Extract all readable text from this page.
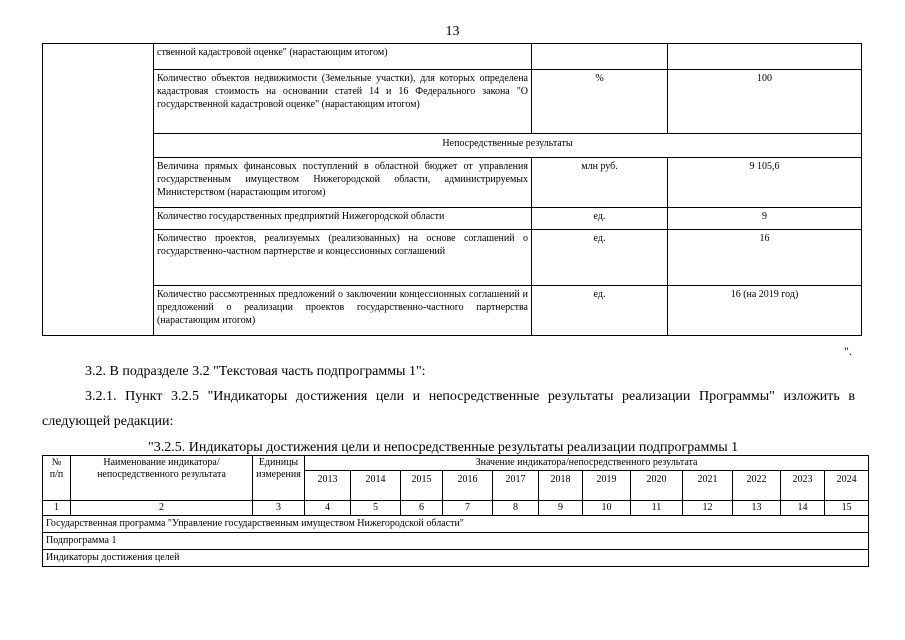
13
	ственной кадастровой оценке" (нарастающим итогом)		
	Количество объектов недвижимости (Земельные участки), для которых определена кадастровая стоимость на основании статей 14 и 16 Федерального закона "О государственной кадастровой оценке" (нарастающим итогом)	%	100
	Непосредственные результаты		
	Величина прямых финансовых поступлений в областной бюджет от управления государственным имуществом Нижегородской области, администрируемых Министерством (нарастающим итогом)	млн руб.	9 105,6
	Количество государственных предприятий Нижегородской области	ед.	9
	Количество проектов, реализуемых (реализованных) на основе соглашений о государственно-частном партнерстве и концессионных соглашений	ед.	16
	Количество рассмотренных предложений о заключении концессионных соглашений и предложений о реализации проектов государственно-частного партнерства (нарастающим итогом)	ед.	16 (на 2019 год)
".
3.2. В подразделе 3.2 "Текстовая часть подпрограммы 1":
3.2.1. Пункт 3.2.5 "Индикаторы достижения цели и непосредственные результаты реализации Программы" изложить в
следующей редакции:
"3.2.5. Индикаторы достижения цели и непосредственные результаты реализации подпрограммы 1
№
п/п	Наименование индикатора/непосредственного результата	Единицы измерения	Значение индикатора/непосредственного результата											
			2013	2014	2015	2016	2017	2018	2019	2020	2021	2022	2023	2024
1	2	3	4	5	6	7	8	9	10	11	12	13	14	15
Государственная программа "Управление государственным имуществом Нижегородской области"														
Подпрограмма 1														
Индикаторы достижения целей														
